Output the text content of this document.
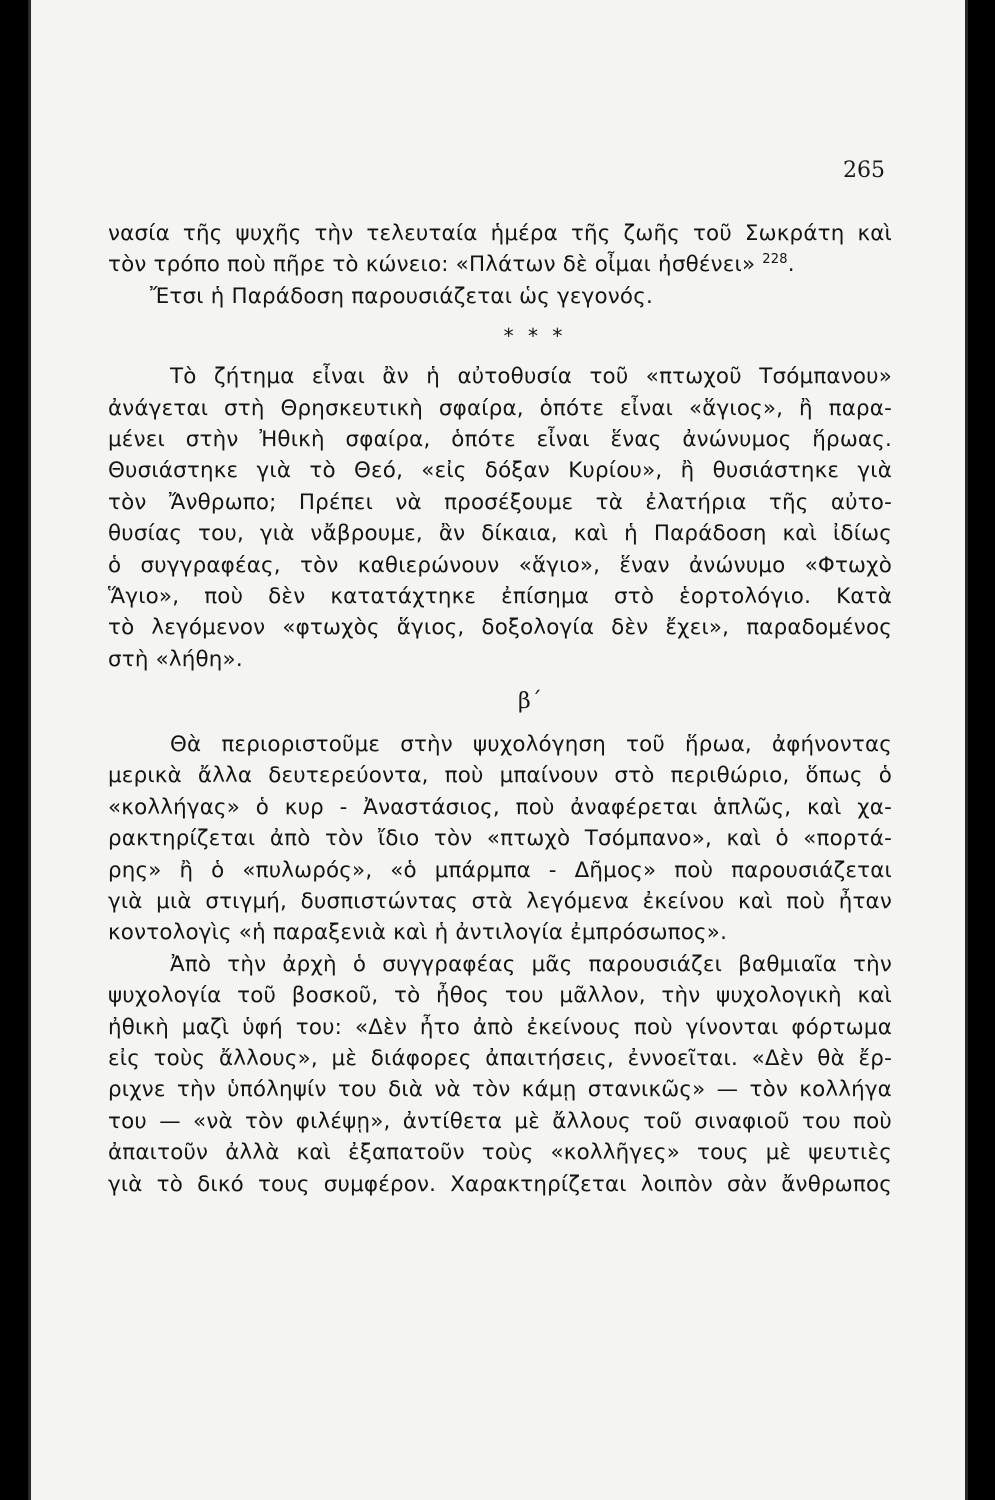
265
νασία τῆς ψυχῆς τὴν τελευταία ἡμέρα τῆς ζωῆς τοῦ Σωκράτη καὶ
τὸν τρόπο ποὺ πῆρε τὸ κώνειο: «Πλάτων δὲ οἶμαι ἠσθένει» $^{228}$.
Ἔτσι ἡ Παράδοση παρουσιάζεται ὡς γεγονός.
* * *
Τὸ ζήτημα εἶναι ἂν ἡ αὐτοθυσία τοῦ «πτωχοῦ Τσόμπανου»
ἀνάγεται στὴ Θρησκευτικὴ σφαίρα, ὁπότε εἶναι «ἅγιος», ἢ παρα-
μένει στὴν Ἠθικὴ σφαίρα, ὁπότε εἶναι ἕνας ἀνώνυμος ἥρωας.
Θυσιάστηκε γιὰ τὸ Θεό, «εἰς δόξαν Κυρίου», ἢ θυσιάστηκε γιὰ
τὸν Ἄνθρωπο; Πρέπει νὰ προσέξουμε τὰ ἐλατήρια τῆς αὐτο-
θυσίας του, γιὰ νἄβρουμε, ἂν δίκαια, καὶ ἡ Παράδοση καὶ ἰδίως
ὁ συγγραφέας, τὸν καθιερώνουν «ἅγιο», ἕναν ἀνώνυμο «Φτωχὸ
Ἅγιο», ποὺ δὲν κατατάχτηκε ἐπίσημα στὸ ἑορτολόγιο. Κατὰ
τὸ λεγόμενον «φτωχὸς ἅγιος, δοξολογία δὲν ἔχει», παραδομένος
στὴ «λήθη».
β΄
Θὰ περιοριστοῦμε στὴν ψυχολόγηση τοῦ ἥρωα, ἀφήνοντας
μερικὰ ἄλλα δευτερεύοντα, ποὺ μπαίνουν στὸ περιθώριο, ὅπως ὁ
«κολλήγας» ὁ κυρ - Ἀναστάσιος, ποὺ ἀναφέρεται ἁπλῶς, καὶ χα-
ρακτηρίζεται ἀπὸ τὸν ἴδιο τὸν «πτωχὸ Τσόμπανο», καὶ ὁ «πορτά-
ρης» ἢ ὁ «πυλωρός», «ὁ μπάρμπα - Δῆμος» ποὺ παρουσιάζεται
γιὰ μιὰ στιγμή, δυσπιστώντας στὰ λεγόμενα ἐκείνου καὶ ποὺ ἦταν
κοντολογὶς «ἡ παραξενιὰ καὶ ἡ ἀντιλογία ἐμπρόσωπος».
Ἀπὸ τὴν ἀρχὴ ὁ συγγραφέας μᾶς παρουσιάζει βαθμιαῖα τὴν
ψυχολογία τοῦ βοσκοῦ, τὸ ἦθος του μᾶλλον, τὴν ψυχολογικὴ καὶ
ἠθικὴ μαζὶ ὑφή του: «Δὲν ἦτο ἀπὸ ἐκείνους ποὺ γίνονται φόρτωμα
εἰς τοὺς ἄλλους», μὲ διάφορες ἀπαιτήσεις, ἐννοεῖται. «Δὲν θὰ ἔρ-
ριχνε τὴν ὑπόληψίν του διὰ νὰ τὸν κάμῃ στανικῶς» — τὸν κολλήγα
του — «νὰ τὸν φιλέψῃ», ἀντίθετα μὲ ἄλλους τοῦ σιναφιοῦ του ποὺ
ἀπαιτοῦν ἀλλὰ καὶ ἐξαπατοῦν τοὺς «κολλῆγες» τους μὲ ψευτιὲς
γιὰ τὸ δικό τους συμφέρον. Χαρακτηρίζεται λοιπὸν σὰν ἄνθρωπος
